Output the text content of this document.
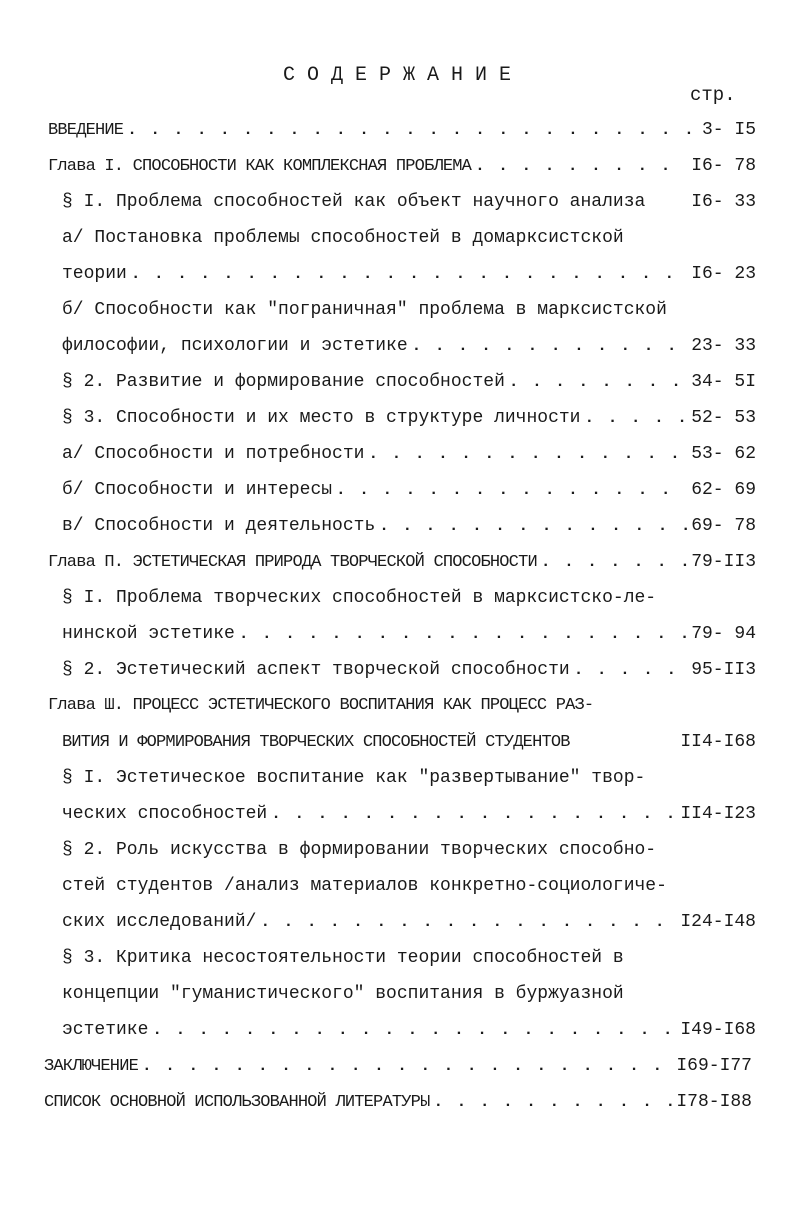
СОДЕРЖАНИЕ
стр.
ВВЕДЕНИЕ . . .	3- I5
Глава I. СПОСОБНОСТИ КАК КОМПЛЕКСНАЯ ПРОБЛЕМА . . .	I6- 78
§ I. Проблема способностей как объект научного анализа	I6- 33
а/ Постановка проблемы способностей в домарксистской
теории . . .	I6- 23
б/ Способности как "пограничная" проблема в марксистской
философии, психологии и эстетике . . .	23- 33
§ 2. Развитие и формирование способностей . . .	34- 5I
§ 3. Способности и их место в структуре личности . . .	52- 53
а/ Способности и потребности . . .	53- 62
б/ Способности и интересы . . .	62- 69
в/ Способности и деятельность . . .	69- 78
Глава П. ЭСТЕТИЧЕСКАЯ ПРИРОДА ТВОРЧЕСКОЙ СПОСОБНОСТИ . . .	79-II3
§ I. Проблема творческих способностей в марксистско-ле-
нинской эстетике . . .	79- 94
§ 2. Эстетический аспект творческой способности . . .	95-II3
Глава Ш. ПРОЦЕСС ЭСТЕТИЧЕСКОГО ВОСПИТАНИЯ КАК ПРОЦЕСС РАЗ-
ВИТИЯ И ФОРМИРОВАНИЯ ТВОРЧЕСКИХ СПОСОБНОСТЕЙ СТУДЕНТОВ	II4-I68
§ I. Эстетическое воспитание как "развертывание" твор-
ческих способностей . . .	II4-I23
§ 2. Роль искусства в формировании творческих способно-
стей студентов /анализ материалов конкретно-социологиче-
ских исследований/ . . .	I24-I48
§ 3. Критика несостоятельности теории способностей в
концепции "гуманистического" воспитания в буржуазной
эстетике . . .	I49-I68
ЗАКЛЮЧЕНИЕ . . .	I69-I77
СПИСОК ОСНОВНОЙ ИСПОЛЬЗОВАННОЙ ЛИТЕРАТУРЫ . . .	I78-I88
